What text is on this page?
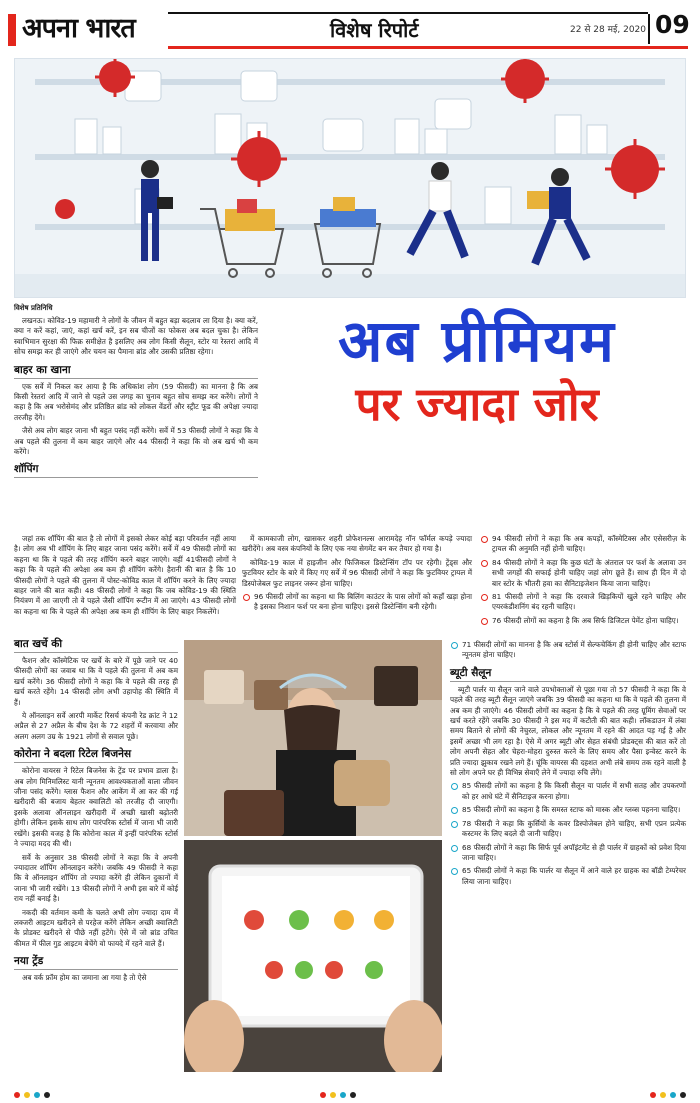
अपना भारत	विशेष रिपोर्ट	22 से 28 मई, 2020 09
विशेष प्रतिनिधि	अब प्रीमियम
पर ज्यादा जोर

लखनऊ। कोविड-19 महामारी ने लोगों के जीवन में बहुत बड़ा बदलाव ला दिया है। क्या करें, क्या न करें कहां, जाएं, कहां खर्च करें, इन सब चीजों का फोकस अब बदल चुका है। लेकिन स्वाभिमान सुरक्षा की फिक्र समीक्षेत है इसलिए अब लोग किसी सैलून, स्टोर या रेस्तरां आदि में सोच समझ कर ही जाएंगे और चयन का पैमाना ब्रांड और उसकी प्रतिष्ठा रहेगा।

बाहर का खाना

एक सर्वे में निकल कर आया है कि अधिकांश लोग (59 फीसदी) का मानना है कि अब किसी रेस्तरां आदि में जाने से पहले उस जगह का चुनाव बहुत सोच समझ कर करेंगे। लोगों ने कहा है कि अब भरोसेमंद और प्रतिष्ठित ब्रांड को लोकल वेंडरों और स्ट्रीट फूड की अपेक्षा ज्यादा तरजीह देंगे।

जैसे अब लोग बाहर जाना भी बहुत पसंद नहीं करेंगे। सर्वे में 53 फीसदी लोगों ने कहा कि वे अब पहले की तुलना में कम बाहर जाएंगे और 44 फीसदी ने कहा कि वो अब खर्च भी कम करेंगे।

शॉपिंग

जहां तक शॉपिंग की बात है तो लोगों में इसको लेकर कोई बड़ा परिवर्तन नहीं आया है। लोग अब भी शॉपिंग के लिए बाहर जाना पसंद करेंगे। सर्वे में 49 फीसदी लोगों का कहना था कि वे पहले की तरह शॉपिंग करने बाहर जाएंगे। वहीं 41फीसदी लोगों ने कहा कि वे पहले की अपेक्षा अब कम ही शॉपिंग करेंगे। हैरानी की बात है कि 10 फीसदी लोगों ने पहले की तुलना में पोस्ट-कोविड काल में शॉपिंग करने के लिए ज्यादा बाहर जाने की बात कही। 48 फीसदी लोगों ने कहा कि जब कोविड-19 की स्थिति नियंत्रण में आ जाएगी तो वे पहले जैसी शॉपिंग रूटीन में आ जाएंगे। 43 फीसदी लोगों का कहना था कि वे पहले की अपेक्षा अब कम ही शॉपिंग के लिए बाहर निकलेंगे।

में कामकाजी लोग, खासकर शहरी प्रोफेशनल्स आरामदेह नॉन फॉर्मल कपड़े ज्यादा खरीदेंगे। अब वस्त्र कंपनियों के लिए एक नया सेगमेंट बन कर तैयार हो गया है।

कोविड-19 काल में हाइजीन और फिजिकल डिस्टेन्सिंग टॉप पर रहेगी। ट्रेंड्स और फुटवियर स्टोर के बारे में किए गए सर्वे में 96 फीसदी लोगों ने कहा कि फुटवियर ट्रायल में डिस्पोजेबल फुट लाइनर जरूर होना चाहिए।

96 फीसदी लोगों का कहना था कि बिलिंग काउंटर के पास लोगों को कहाँ खड़ा होना है इसका निशान फर्श पर बना होना चाहिए। इससे डिस्टेन्सिंग बनी रहेगी।

94 फीसदी लोगों ने कहा कि अब कपड़ों, कॉस्मेटिक्स और एसेसरीज़ के ट्रायल की अनुमति नहीं होनी चाहिए।

84 फीसदी लोगों ने कहा कि कुछ घंटों के अंतराल पर फर्श के अलावा उन सभी जगहों की सफाई होनी चाहिए जहां लोग छूते हैं। साथ ही दिन में दो बार स्टोर के भीतरी हवा का सैनिटाइजेशन किया जाना चाहिए।

81 फीसदी लोगों ने कहा कि दरवाजे खिड़कियों खुले रहने चाहिए और एयरकंडीशनिंग बंद रहनी चाहिए।

76 फीसदी लोगों का कहना है कि अब सिर्फ डिजिटल पेमेंट होना चाहिए।

बात खर्चे की

फैशन और कॉस्मेटिक पर खर्चे के बारे में पूछे जाने पर 40 फीसदी लोगों का जवाब था कि वे पहले की तुलना में अब कम खर्च करेंगे। 36 फीसदी लोगों ने कहा कि वे पहले की तरह ही खर्च करते रहेंगे। 14 फीसदी लोग अभी उहापोह की स्थिति में हैं।

ये ऑनलाइन सर्वे आरपी मार्केट रिसर्च कंपनी रेड क्रांट ने 12 अप्रैल से 27 अप्रैल के बीच देश के 72 शहरों में करवाया और अलग अलग उम्र के 1921 लोगों से सवाल पूछे।

कोरोना ने बदला रिटेल बिजनेस

कोरोना वायरस ने रिटेल बिजनेस के ट्रेंड पर प्रभाव डाला है। अब लोग मिनिमलिस्ट यानी न्यूनतम आवश्यकताओं वाला जीवन जीना पसंद करेंगे। ग्लास फैशन और आकेंग में आ कर की गई खरीदारी की बजाय बेहतर क्वालिटी को तरजीह दी जाएगी। इसके अलावा ऑनलाइन खरीदारी में अच्छी खासी बढ़ोतरी होगी। लेकिन इसके साथ लोग पारंपरिक स्टोर्स में जाना भी जारी रखेंगे। इसकी वजह है कि कोरोना काल में इन्हीं पारंपरिक स्टोर्स ने ज्यादा मदद की थी।

सर्वे के अनुसार 38 फीसदी लोगों ने कहा कि वे अपनी ज्यादातर शॉपिंग ऑनलाइन करेंगे। जबकि 49 फीसदी ने कहा कि वे ऑनलाइन शॉपिंग तो ज्यादा करेंगे ही लेकिन दुकानों में जाना भी जारी रखेंगे। 13 फीसदी लोगों ने अभी इस बारे में कोई राय नहीं बनाई है।

नकदी की वर्तमान कमी के चलते अभी लोग ज्यादा दाम में लक्जरी आइटम खरीदने से परहेज करेंगे लेकिन अच्छी क्वालिटी के प्रोडक्ट खरीदने से पीछे नहीं हटेंगे। ऐसे में जो ब्रांड उचित कीमत में फील गुड आइटम बेचेंगे वो फायदे में रहने वाले हैं।

नया ट्रेंड

अब वर्क फ्रॉम होम का जमाना आ गया है तो ऐसे

71 फीसदी लोगों का मानना है कि अब स्टोर्स में सेल्फचेकिंग ही होनी चाहिए और स्टाफ न्यूनतम होना चाहिए।

ब्यूटी सैलून

ब्यूटी पार्लर या सैलून जाने वाले उपभोक्ताओं से पूछा गया तो 57 फीसदी ने कहा कि वे पहले की तरह ब्यूटी सैलून जाएंगे जबकि 39 फीसदी का कहना था कि वे पहले की तुलना में अब कम ही जाएंगे। 46 फीसदी लोगों का कहना है कि वे पहले की तरह ग्रूमिंग सेवाओं पर खर्च करते रहेंगे जबकि 30 फीसदी ने इस मद में कटौती की बात कही। लॉकडाउन में लंबा समय बिताने से लोगों की नेचुरल, लोकल और न्यूनतम में रहने की आदत पड़ गई है और इसमें अच्छा भी लग रहा है। ऐसे में अगर ब्यूटी और सेहत संबंधी प्रोडक्ट्स की बात करें तो लोग अपनी सेहत और चेहरा-मोहरा दुरुस्त करने के लिए समय और पैसा इन्वेस्ट करने के प्रति ज्यादा झुकाव रखने लगे हैं। चूंकि वायरस की दहशत अभी लंबे समय तक रहने वाली है सो लोग अपने घर ही विभिन्न सेवाएँ लेने में ज्यादा रुचि लेंगे।

85 फीसदी लोगों का कहना है कि किसी सैलून या पार्लर में सभी सतह और उपकरणों को हर आधे घंटे में सैनिटाइज करना होगा।

85 फीसदी लोगों का कहना है कि समस्त स्टाफ को मास्क और ग्लव्स पहनना चाहिए।

78 फीसदी ने कहा कि कुर्सियों के कवर डिस्पोजेबल होने चाहिए, सभी एप्रन प्रत्येक कस्टमर के लिए बदले दी जानी चाहिए।

68 फीसदी लोगों ने कहा कि सिर्फ पूर्व अपॉइंटमेंट से ही पार्लर में ग्राहकों को प्रवेश दिया जाना चाहिए।

65 फीसदी लोगों ने कहा कि पार्लर या सैलून में आने वाले हर ग्राहक का बॉडी टेम्परेचर लिया जाना चाहिए।
